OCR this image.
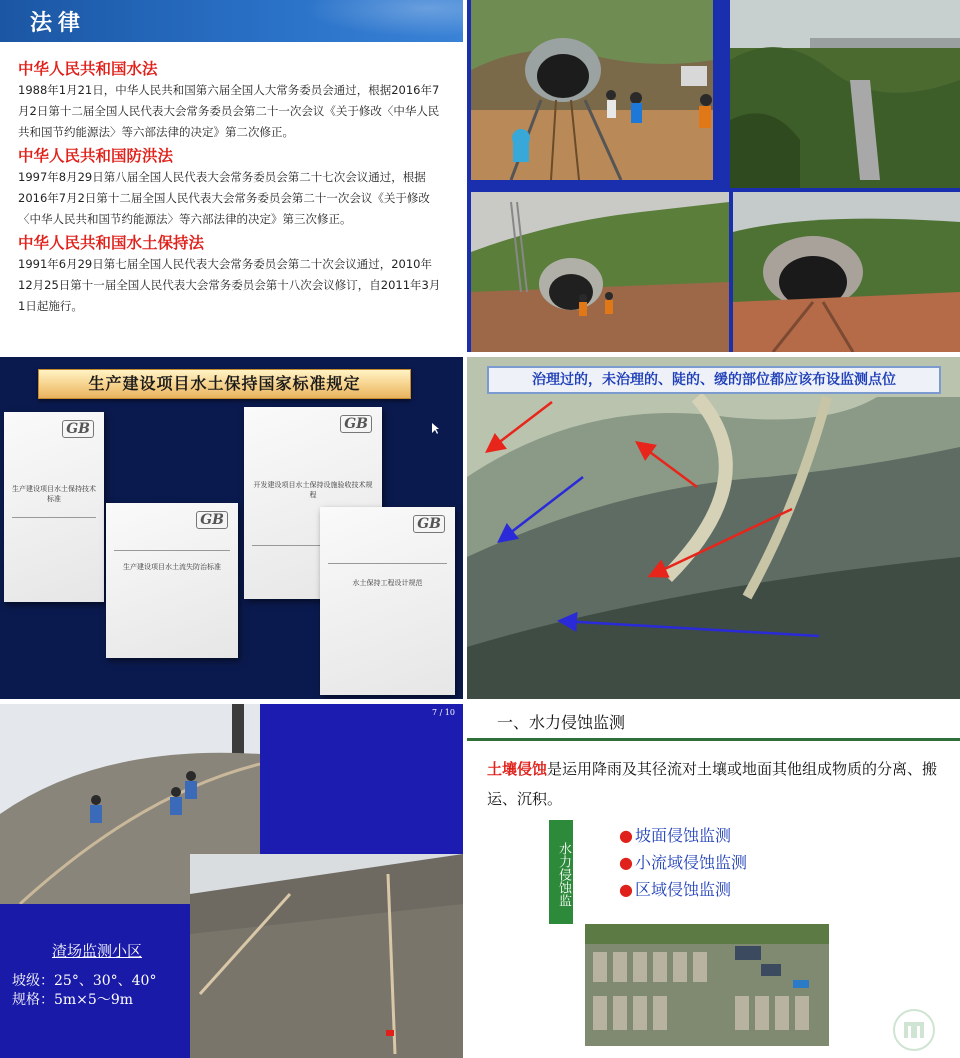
法律
中华人民共和国水法
1988年1月21日，中华人民共和国第六届全国人大常务委员会通过，根据2016年7月2日第十二届全国人民代表大会常务委员会第二十一次会议《关于修改〈中华人民共和国节约能源法〉等六部法律的决定》第二次修正。
中华人民共和国防洪法
1997年8月29日第八届全国人民代表大会常务委员会第二十七次会议通过，根据2016年7月2日第十二届全国人民代表大会常务委员会第二十一次会议《关于修改〈中华人民共和国节约能源法〉等六部法律的决定》第三次修正。
中华人民共和国水土保持法
1991年6月29日第七届全国人民代表大会常务委员会第二十次会议通过，2010年12月25日第十一届全国人民代表大会常务委员会第十八次会议修订，自2011年3月1日起施行。
生产建设项目水土保持国家标准规定
GB
生产建设项目水土保持技术标准
GB
生产建设项目水土流失防治标准
GB
开发建设项目水土保持设施验收技术规程
GB
水土保持工程设计规范
治理过的，未治理的、陡的、缓的部位都应该布设监测点位
7 / 10
渣场监测小区
坡级：25°、30°、40°
规格：5m×5～9m
一、水力侵蚀监测
土壤侵蚀是运用降雨及其径流对土壤或地面其他组成物质的分离、搬运、沉积。
水力侵蚀监
● 坡面侵蚀监测
● 小流域侵蚀监测
● 区域侵蚀监测
